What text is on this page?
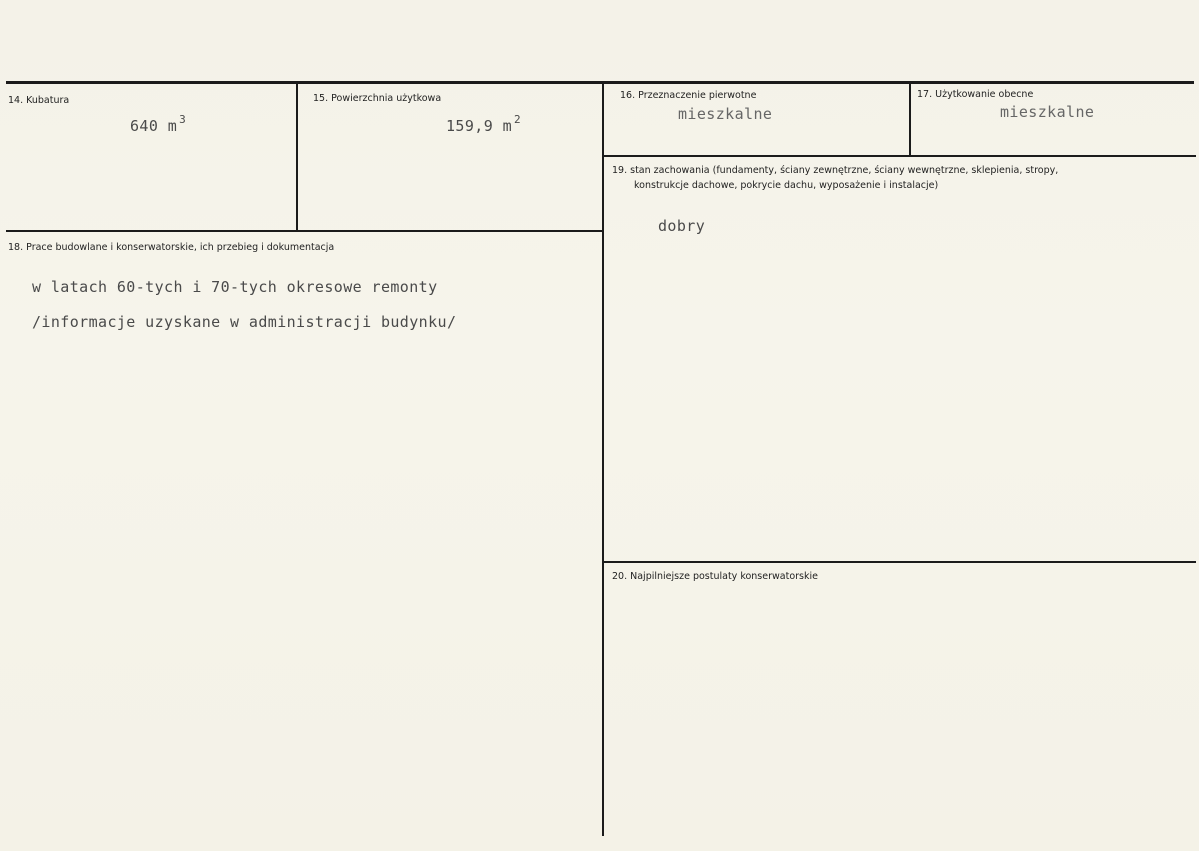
14. Kubatura
640 m $^3$
15. Powierzchnia użytkowa
159,9 m $^2$
16. Przeznaczenie pierwotne
mieszkalne
17. Użytkowanie obecne
mieszkalne
18. Prace budowlane i konserwatorskie, ich przebieg i dokumentacja
w latach 60-tych i 70-tych okresowe remonty
/informacje uzyskane w administracji budynku/
19. stan zachowania (fundamenty, ściany zewnętrzne, ściany wewnętrzne, sklepienia, stropy,
konstrukcje dachowe, pokrycie dachu, wyposażenie i instalacje)
dobry
20. Najpilniejsze postulaty konserwatorskie
